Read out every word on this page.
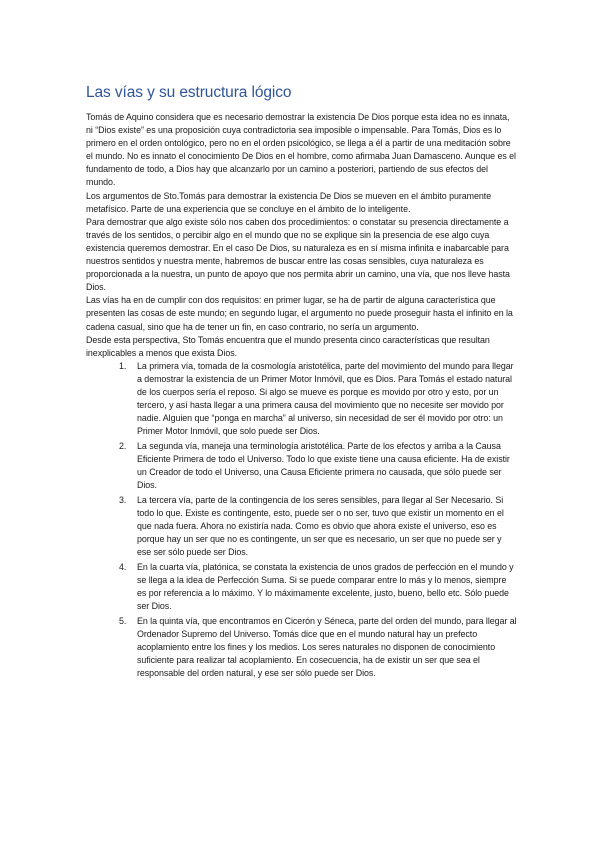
Las vías y su estructura lógico

Tomás de Aquino considera que es necesario demostrar la existencia De Dios porque esta idea no es innata, ni “Dios existe” es una proposición cuya contradictoria sea imposible o impensable. Para Tomás, Dios es lo primero en el orden ontológico, pero no en el orden psicológico, se llega a él a partir de una meditación sobre el mundo. No es innato el conocimiento De Dios en el hombre, como afirmaba Juan Damasceno. Aunque es el fundamento de todo, a Dios hay que alcanzarlo por un camino a posteriori, partiendo de sus efectos del mundo.

Los argumentos de Sto.Tomás para demostrar la existencia De Dios se mueven en el ámbito puramente metafísico. Parte de una experiencia que se concluye en el ámbito de lo inteligente.

Para demostrar que algo existe sólo nos caben dos procedimientos: o constatar su presencia directamente a través de los sentidos, o percibir algo en el mundo que no se explique sin la presencia de ese algo cuya existencia queremos demostrar. En el caso De Dios, su naturaleza es en sí misma infinita e inabarcable para nuestros sentidos y nuestra mente, habremos de buscar entre las cosas sensibles, cuya naturaleza es proporcionada a la nuestra, un punto de apoyo que nos permita abrir un camino, una vía, que nos lleve hasta Dios.

Las vías ha en de cumplir con dos requisitos: en primer lugar, se ha de partir de alguna característica que presenten las cosas de este mundo; en segundo lugar, el argumento no puede proseguir hasta el infinito en la cadena casual, sino que ha de tener un fin, en caso contrario, no sería un argumento.

Desde esta perspectiva, Sto Tomás encuentra que el mundo presenta cinco características que resultan inexplicables a menos que exista Dios.

1. La primera vía, tomada de la cosmología aristotélica, parte del movimiento del mundo para llegar a demostrar la existencia de un Primer Motor Inmóvil, que es Dios. Para Tomás el estado natural de los cuerpos sería el reposo. Si algo se mueve es porque es movido por otro y esto, por un tercero, y así hasta llegar a una primera causa del movimiento que no necesite ser movido por nadie. Alguien que “ponga en marcha” al universo, sin necesidad de ser él movido por otro: un Primer Motor Inmóvil, que solo puede ser Dios.
2. La segunda vía, maneja una terminología aristotélica. Parte de los efectos y arriba a la Causa Eficiente Primera de todo el Universo. Todo lo que existe tiene una causa eficiente. Ha de existir un Creador de todo el Universo, una Causa Eficiente primera no causada, que sólo puede ser Dios.
3. La tercera vía, parte de la contingencia de los seres sensibles, para llegar al Ser Necesario. Si todo lo que. Existe es contingente, esto, puede ser o no ser, tuvo que existir un momento en el que nada fuera. Ahora no existiría nada. Como es obvio que ahora existe el universo, eso es porque hay un ser que no es contingente, un ser que es necesario, un ser que no puede ser y ese ser sólo puede ser Dios.
4. En la cuarta vía, platónica, se constata la existencia de unos grados de perfección en el mundo y se llega a la idea de Perfección Suma. Si se puede comparar entre lo más y lo menos, siempre es por referencia a lo máximo. Y lo máximamente excelente, justo, bueno, bello etc. Sólo puede ser Dios.
5. En la quinta vía, que encontramos en Cicerón y Séneca, parte del orden del mundo, para llegar al Ordenador Supremo del Universo. Tomás dice que en el mundo natural hay un prefecto acoplamiento entre los fines y los medios. Los seres naturales no disponen de conocimiento suficiente para realizar tal acoplamiento. En cosecuencia, ha de existir un ser que sea el responsable del orden natural, y ese ser sólo puede ser Dios.
